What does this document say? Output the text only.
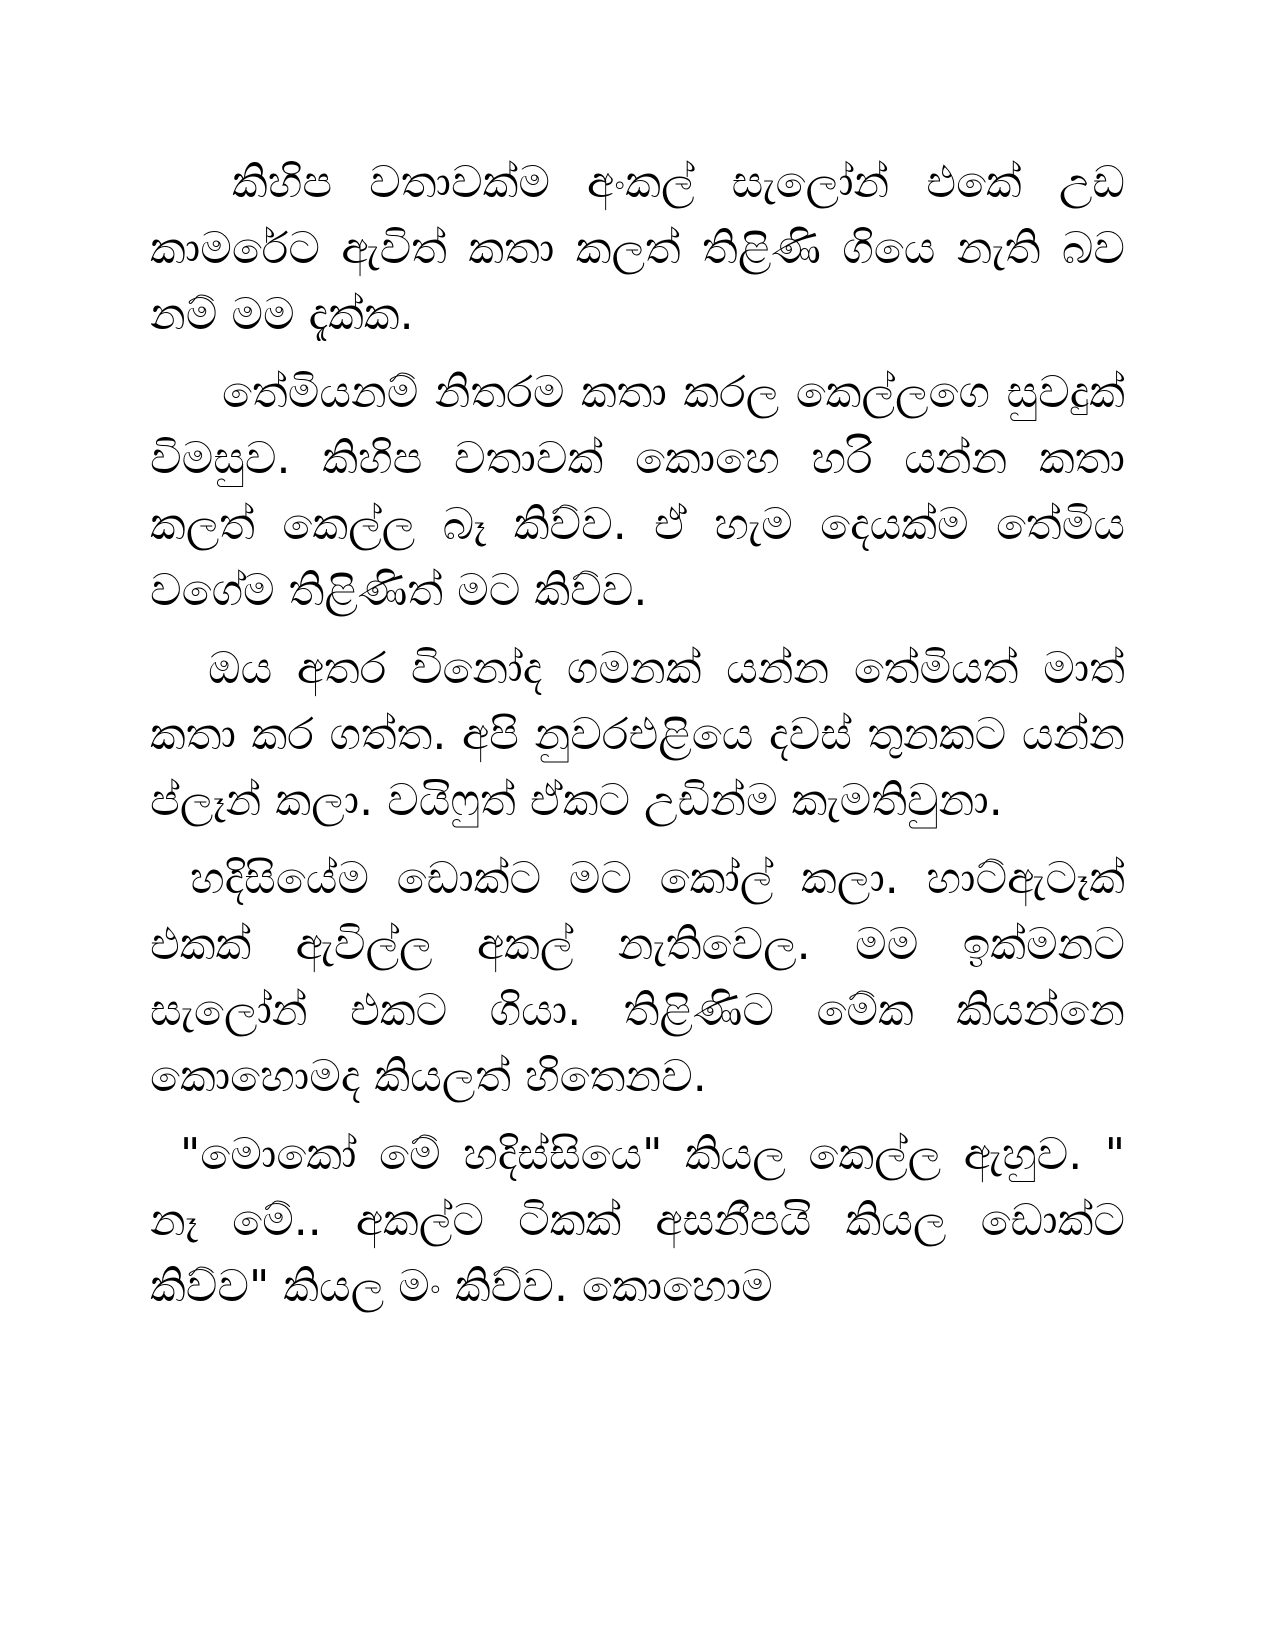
කිහිප වතාවක්ම අංකල් සැලෝන් එකේ උඩ කාමරේට ඇවිත් කතා කලත් තිළිණි ගියෙ නැති බව නම් මම දැක්ක.

තේමියනම් නිතරම කතා කරල කෙල්ලගෙ සුවදුක් විමසුව. කිහිප වතාවක් කොහෙ හරි යන්න කතා කලත් කෙල්ල බෑ කිව්ව. ඒ හැම දෙයක්ම තේමිය වගේම තිළිණිත් මට කිව්ව.

ඔය අතර විනෝද ගමනක් යන්න තේමියත් මාත් කතා කර ගත්ත. අපි නුවරඑළියෙ දවස් තුනකට යන්න ප්ලෑන් කලා. වයිෆුත් ඒකට උඩින්ම කැමතිවුනා.

හදිසියේම ඩොක්ට මට කෝල් කලා. හාට්ඇටෑක් එකක් ඇවිල්ල අකල් නැතිවෙල. මම ඉක්මනට සැලෝන් එකට ගියා. තිළිණිට මේක කියන්නෙ කොහොමද කියලත් හිතෙනව.

"මොකෝ මේ හදිස්සියෙ" කියල කෙල්ල ඇහුව. " නෑ මේ.. අකල්ට ටිකක් අසනීපයි කියල ඩොක්ට කිව්ව" කියල මං කිව්ව. කොහොම
